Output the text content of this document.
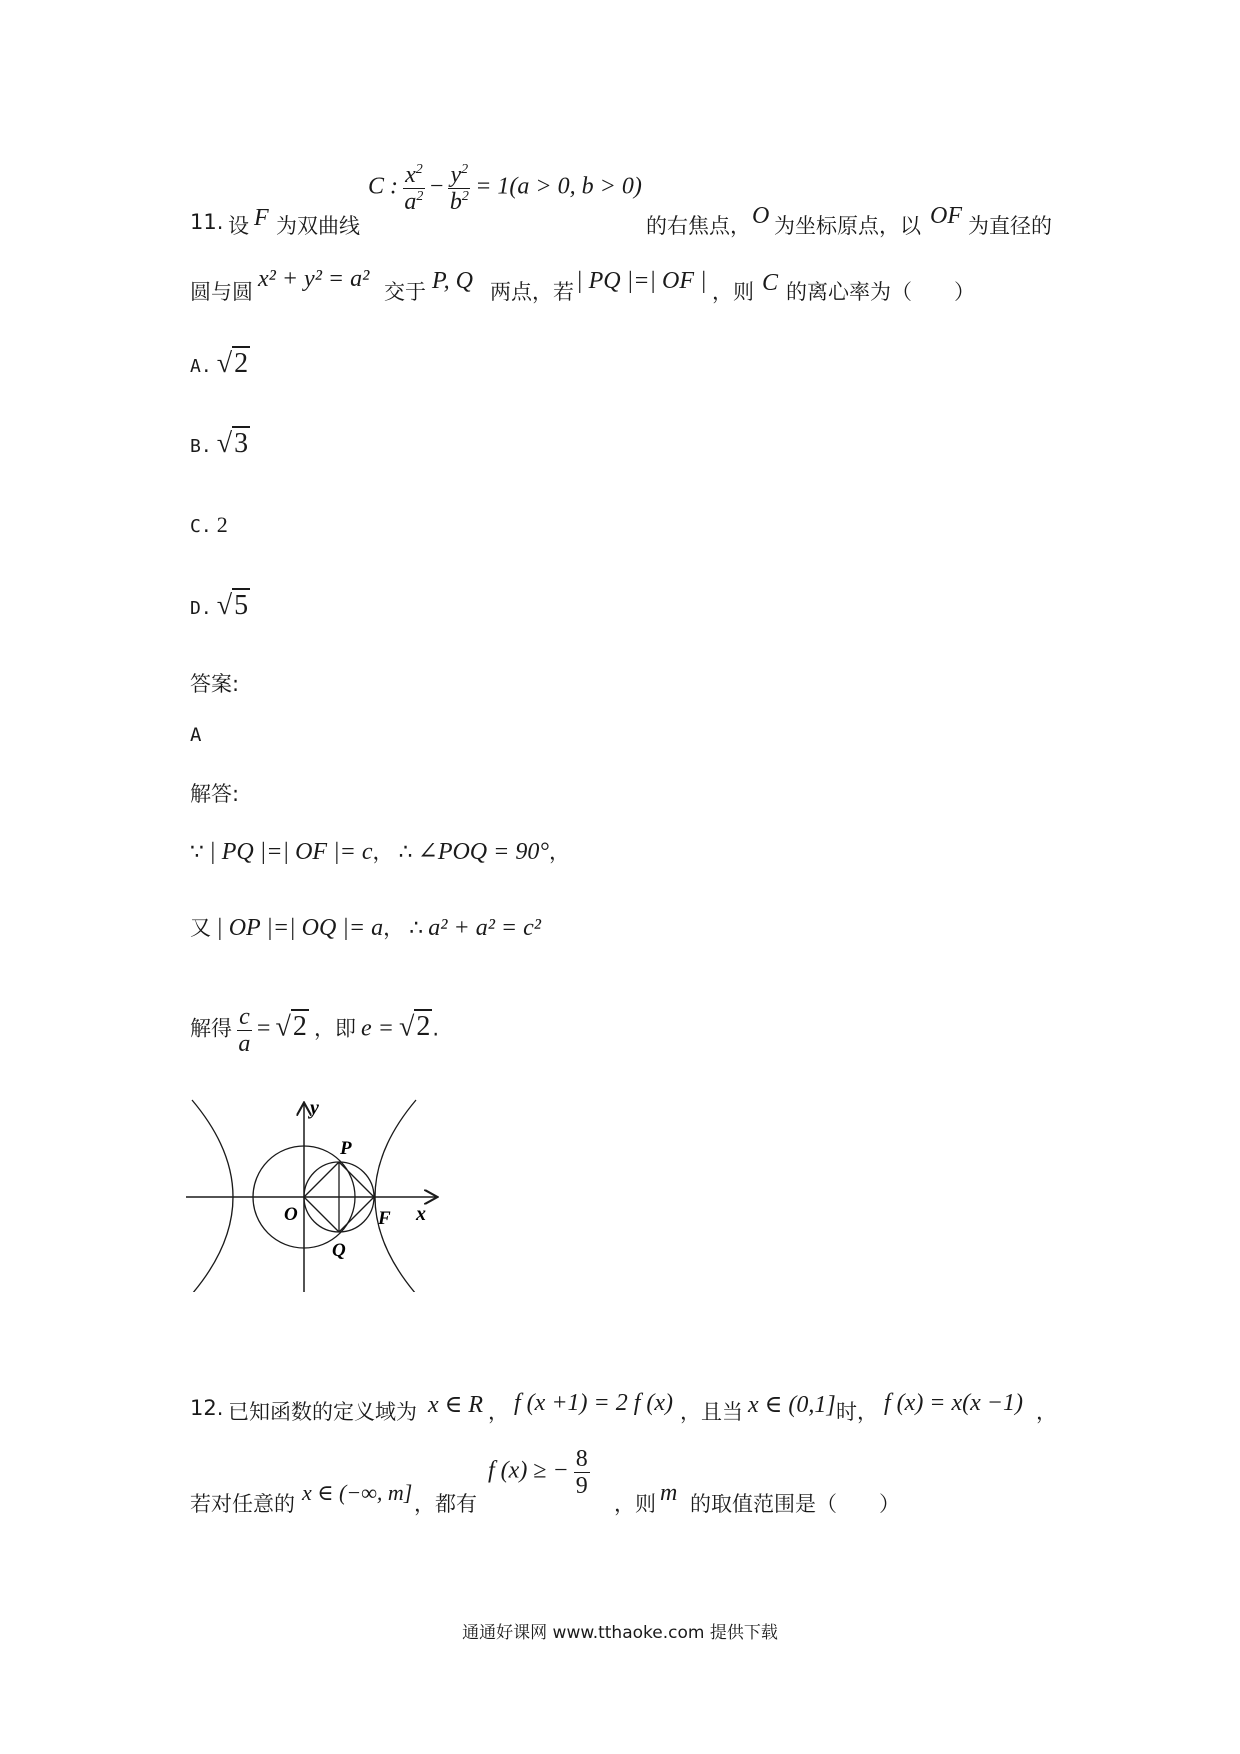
11. 设 F 为双曲线
C : $\frac{x^2}{a^2} - \frac{y^2}{b^2} = 1(a > 0$, b > 0)
的右焦点， O 为坐标原点，以 OF 为直径的
圆与圆 x² + y² = a² 交于 P, Q 两点，若 | PQ |=| OF | ，则 C 的离心率为（　　）
A. √2
B. √3
C. 2
D. √5
答案:
A
解答:
∵ | PQ |=| OF |= c， ∴ ∠POQ = 90°，
又 | OP |=| OQ |= a， ∴ a² + a² = c²
解得 $\frac{c}{a} = √2$ ，即 e = √2.
y
x
P
O	F
Q
12. 已知函数的定义域为 x ∈ R ， f (x +1) = 2 f (x) ，且当 x ∈ (0,1] 时， f (x) = x(x −1) ，
若对任意的 x ∈ (−∞, m] ，都有
f (x) ≥ − $\frac{8}{9}$
，则 m 的取值范围是（　　）
通通好课网 www.tthaoke.com 提供下载
